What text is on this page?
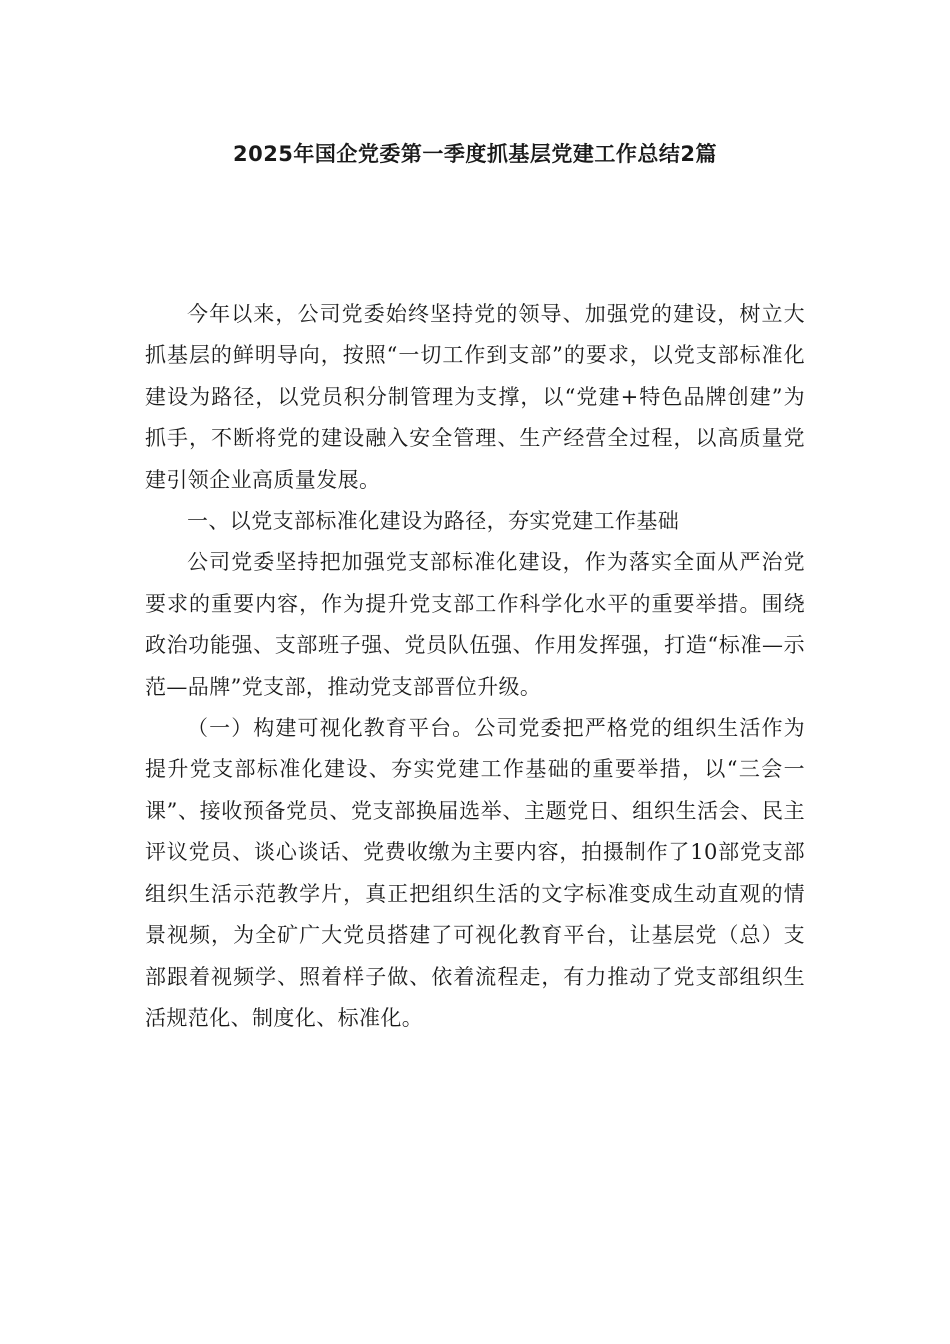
2025年国企党委第一季度抓基层党建工作总结2篇

今年以来，公司党委始终坚持党的领导、加强党的建设，树立大抓基层的鲜明导向，按照“一切工作到支部”的要求，以党支部标准化建设为路径，以党员积分制管理为支撑，以“党建+特色品牌创建”为抓手，不断将党的建设融入安全管理、生产经营全过程，以高质量党建引领企业高质量发展。

一、以党支部标准化建设为路径，夯实党建工作基础

公司党委坚持把加强党支部标准化建设，作为落实全面从严治党要求的重要内容，作为提升党支部工作科学化水平的重要举措。围绕政治功能强、支部班子强、党员队伍强、作用发挥强，打造“标准—示范—品牌”党支部，推动党支部晋位升级。

（一）构建可视化教育平台。公司党委把严格党的组织生活作为提升党支部标准化建设、夯实党建工作基础的重要举措，以“三会一课”、接收预备党员、党支部换届选举、主题党日、组织生活会、民主评议党员、谈心谈话、党费收缴为主要内容，拍摄制作了10部党支部组织生活示范教学片，真正把组织生活的文字标准变成生动直观的情景视频，为全矿广大党员搭建了可视化教育平台，让基层党（总）支部跟着视频学、照着样子做、依着流程走，有力推动了党支部组织生活规范化、制度化、标准化。
